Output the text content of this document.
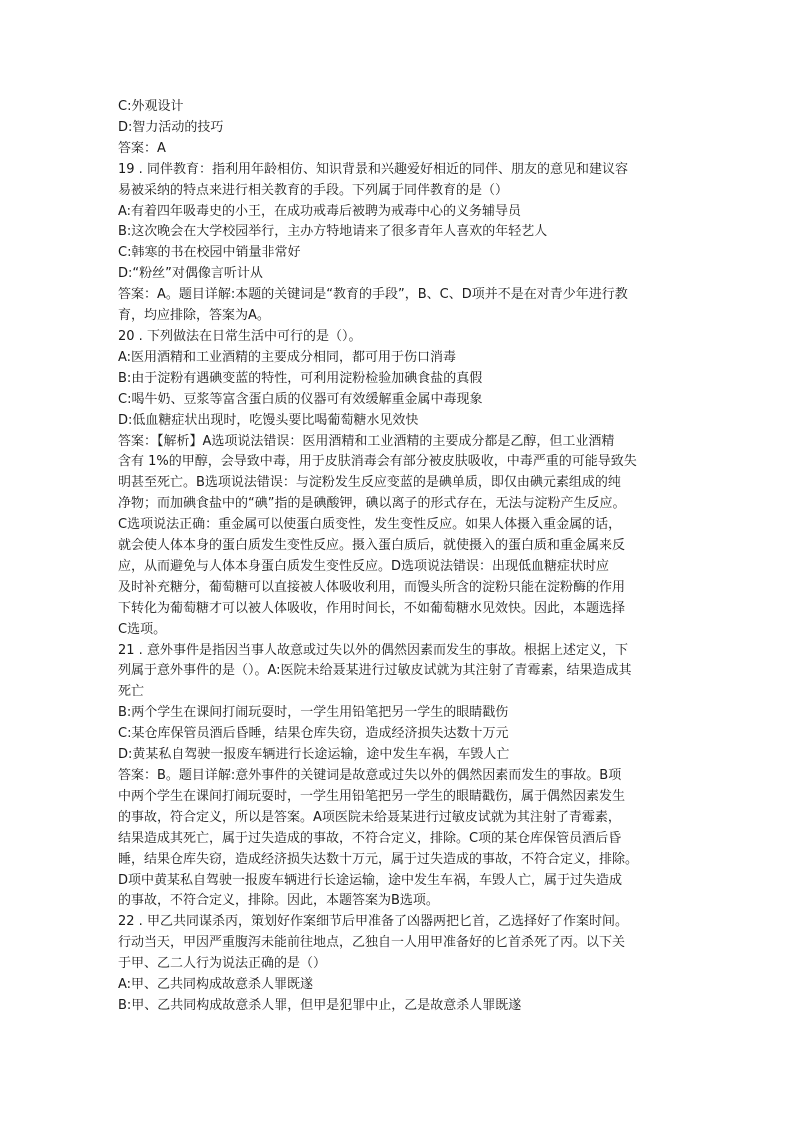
C:外观设计
D:智力活动的技巧
答案：A
19 . 同伴教育：指利用年龄相仿、知识背景和兴趣爱好相近的同伴、朋友的意见和建议容
易被采纳的特点来进行相关教育的手段。下列属于同伴教育的是（）
A:有着四年吸毒史的小王，在成功戒毒后被聘为戒毒中心的义务辅导员
B:这次晚会在大学校园举行，主办方特地请来了很多青年人喜欢的年轻艺人
C:韩寒的书在校园中销量非常好
D:“粉丝”对偶像言听计从
答案：A。题目详解:本题的关键词是“教育的手段”，B、C、D项并不是在对青少年进行教
育，均应排除，答案为A。
20 . 下列做法在日常生活中可行的是（）。
A:医用酒精和工业酒精的主要成分相同，都可用于伤口消毒
B:由于淀粉有遇碘变蓝的特性，可利用淀粉检验加碘食盐的真假
C:喝牛奶、豆浆等富含蛋白质的仪器可有效缓解重金属中毒现象
D:低血糖症状出现时，吃馒头要比喝葡萄糖水见效快
答案：【解析】A选项说法错误：医用酒精和工业酒精的主要成分都是乙醇，但工业酒精
含有 1%的甲醇，会导致中毒，用于皮肤消毒会有部分被皮肤吸收，中毒严重的可能导致失
明甚至死亡。B选项说法错误：与淀粉发生反应变蓝的是碘单质，即仅由碘元素组成的纯
净物；而加碘食盐中的“碘”指的是碘酸钾，碘以离子的形式存在，无法与淀粉产生反应。
C选项说法正确：重金属可以使蛋白质变性，发生变性反应。如果人体摄入重金属的话，
就会使人体本身的蛋白质发生变性反应。摄入蛋白质后，就使摄入的蛋白质和重金属来反
应，从而避免与人体本身蛋白质发生变性反应。D选项说法错误：出现低血糖症状时应
及时补充糖分，葡萄糖可以直接被人体吸收利用，而馒头所含的淀粉只能在淀粉酶的作用
下转化为葡萄糖才可以被人体吸收，作用时间长，不如葡萄糖水见效快。因此，本题选择
C选项。
21 . 意外事件是指因当事人故意或过失以外的偶然因素而发生的事故。根据上述定义，下
列属于意外事件的是（）。A:医院未给聂某进行过敏皮试就为其注射了青霉素，结果造成其
死亡
B:两个学生在课间打闹玩耍时，一学生用铅笔把另一学生的眼睛戳伤
C:某仓库保管员酒后昏睡，结果仓库失窃，造成经济损失达数十万元
D:黄某私自驾驶一报废车辆进行长途运输，途中发生车祸，车毁人亡
答案：B。题目详解:意外事件的关键词是故意或过失以外的偶然因素而发生的事故。B项
中两个学生在课间打闹玩耍时，一学生用铅笔把另一学生的眼睛戳伤，属于偶然因素发生
的事故，符合定义，所以是答案。A项医院未给聂某进行过敏皮试就为其注射了青霉素，
结果造成其死亡，属于过失造成的事故，不符合定义，排除。C项的某仓库保管员酒后昏
睡，结果仓库失窃，造成经济损失达数十万元，属于过失造成的事故，不符合定义，排除。
D项中黄某私自驾驶一报废车辆进行长途运输，途中发生车祸，车毁人亡，属于过失造成
的事故，不符合定义，排除。因此，本题答案为B选项。
22 . 甲乙共同谋杀丙，策划好作案细节后甲准备了凶器两把匕首，乙选择好了作案时间。
行动当天，甲因严重腹泻未能前往地点，乙独自一人用甲准备好的匕首杀死了丙。以下关
于甲、乙二人行为说法正确的是（）
A:甲、乙共同构成故意杀人罪既遂
B:甲、乙共同构成故意杀人罪，但甲是犯罪中止，乙是故意杀人罪既遂
